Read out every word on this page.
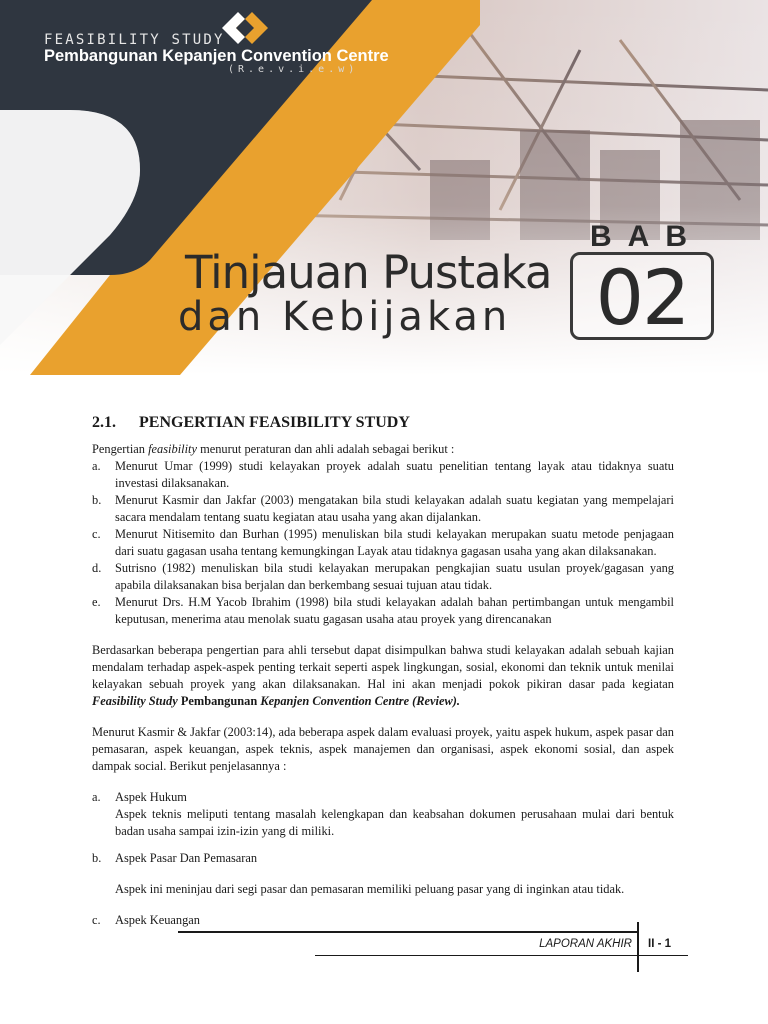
FEASIBILITY STUDY
Pembangunan Kepanjen Convention Centre
(R.e.v.i.e.w)
Tinjauan Pustaka
dan Kebijakan
BAB
02
2.1. PENGERTIAN FEASIBILITY STUDY

Pengertian feasibility menurut peraturan dan ahli adalah sebagai berikut :

a.	Menurut Umar (1999) studi kelayakan proyek adalah suatu penelitian tentang layak atau tidaknya suatu investasi dilaksanakan.
b.	Menurut Kasmir dan Jakfar (2003) mengatakan bila studi kelayakan adalah suatu kegiatan yang mempelajari sacara mendalam tentang suatu kegiatan atau usaha yang akan dijalankan.
c.	Menurut Nitisemito dan Burhan (1995) menuliskan bila studi kelayakan merupakan suatu metode penjagaan dari suatu gagasan usaha tentang kemungkingan Layak atau tidaknya gagasan usaha yang akan dilaksanakan.
d.	Sutrisno (1982) menuliskan bila studi kelayakan merupakan pengkajian suatu usulan proyek/gagasan yang apabila dilaksanakan bisa berjalan dan berkembang sesuai tujuan atau tidak.
e.	Menurut Drs. H.M Yacob Ibrahim (1998) bila studi kelayakan adalah bahan pertimbangan untuk mengambil keputusan, menerima atau menolak suatu gagasan usaha atau proyek yang direncanakan

Berdasarkan beberapa pengertian para ahli tersebut dapat disimpulkan bahwa studi kelayakan adalah sebuah kajian mendalam terhadap aspek-aspek penting terkait seperti aspek lingkungan, sosial, ekonomi dan teknik untuk menilai kelayakan sebuah proyek yang akan dilaksanakan. Hal ini akan menjadi pokok pikiran dasar pada kegiatan Feasibility Study Pembangunan Kepanjen Convention Centre (Review).

Menurut Kasmir & Jakfar (2003:14), ada beberapa aspek dalam evaluasi proyek, yaitu aspek hukum, aspek pasar dan pemasaran, aspek keuangan, aspek teknis, aspek manajemen dan organisasi, aspek ekonomi sosial, dan aspek dampak social. Berikut penjelasannya :

a.	Aspek Hukum
Aspek teknis meliputi tentang masalah kelengkapan dan keabsahan dokumen perusahaan mulai dari bentuk badan usaha sampai izin-izin yang di miliki.
b.	Aspek Pasar Dan Pemasaran
Aspek ini meninjau dari segi pasar dan pemasaran memiliki peluang pasar yang di inginkan atau tidak.
c.	Aspek Keuangan
LAPORAN AKHIR II - 1
